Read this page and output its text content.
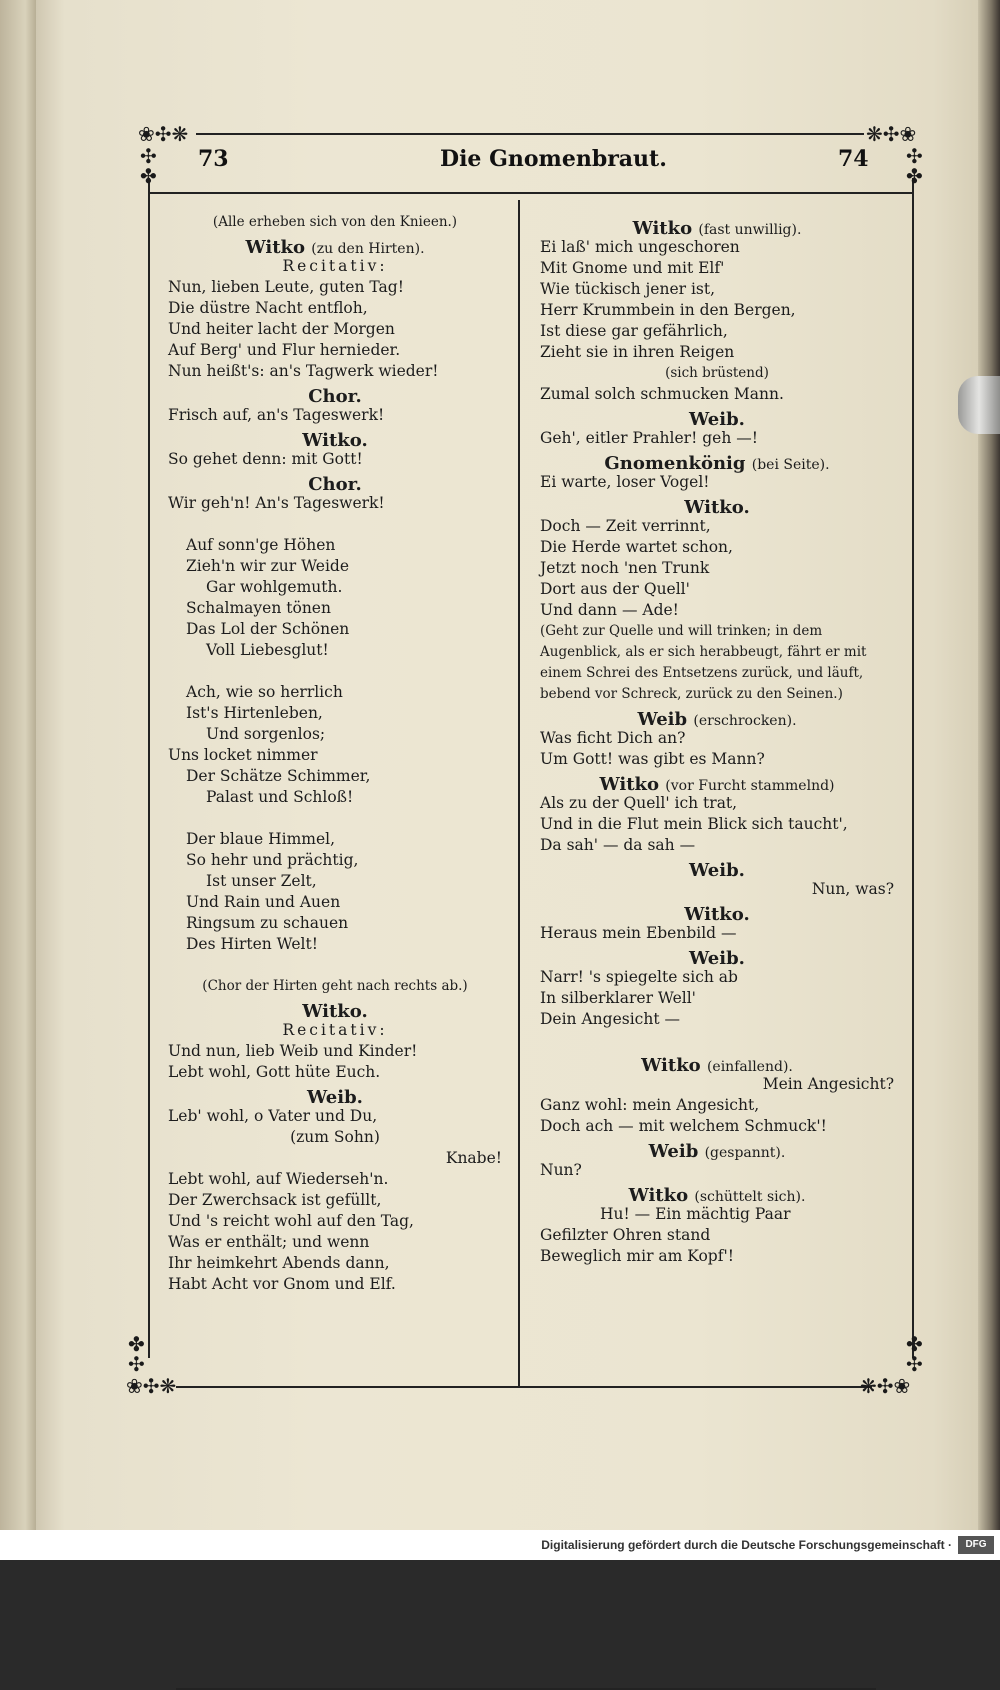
❀✣❋
✣
✤
❋✣❀
✣
✤
❀✣❋
✤
✣
❋✣❀
✤
✣
73	Die Gnomenbraut.	74
(Alle erheben sich von den Knieen.)
Witko (zu den Hirten).
Recitativ:
Nun, lieben Leute, guten Tag!
Die düstre Nacht entfloh,
Und heiter lacht der Morgen
Auf Berg' und Flur hernieder.
Nun heißt's: an's Tagwerk wieder!
Chor.
Frisch auf, an's Tageswerk!
Witko.
So gehet denn: mit Gott!
Chor.
Wir geh'n! An's Tageswerk!
Auf sonn'ge Höhen
Zieh'n wir zur Weide
Gar wohlgemuth.
Schalmayen tönen
Das Lol der Schönen
Voll Liebesglut!
Ach, wie so herrlich
Ist's Hirtenleben,
Und sorgenlos;
Uns locket nimmer
Der Schätze Schimmer,
Palast und Schloß!
Der blaue Himmel,
So hehr und prächtig,
Ist unser Zelt,
Und Rain und Auen
Ringsum zu schauen
Des Hirten Welt!
(Chor der Hirten geht nach rechts ab.)
Witko.
Recitativ:
Und nun, lieb Weib und Kinder!
Lebt wohl, Gott hüte Euch.
Weib.
Leb' wohl, o Vater und Du,
(zum Sohn)
Knabe!
Lebt wohl, auf Wiederseh'n.
Der Zwerchsack ist gefüllt,
Und 's reicht wohl auf den Tag,
Was er enthält; und wenn
Ihr heimkehrt Abends dann,
Habt Acht vor Gnom und Elf.
Witko (fast unwillig).
Ei laß' mich ungeschoren
Mit Gnome und mit Elf'
Wie tückisch jener ist,
Herr Krummbein in den Bergen,
Ist diese gar gefährlich,
Zieht sie in ihren Reigen
(sich brüstend)
Zumal solch schmucken Mann.
Weib.
Geh', eitler Prahler! geh —!
Gnomenkönig (bei Seite).
Ei warte, loser Vogel!
Witko.
Doch — Zeit verrinnt,
Die Herde wartet schon,
Jetzt noch 'nen Trunk
Dort aus der Quell'
Und dann — Ade!
(Geht zur Quelle und will trinken; in dem
Augenblick, als er sich herabbeugt, fährt er mit
einem Schrei des Entsetzens zurück, und läuft,
bebend vor Schreck, zurück zu den Seinen.)
Weib (erschrocken).
Was ficht Dich an?
Um Gott! was gibt es Mann?
Witko (vor Furcht stammelnd)
Als zu der Quell' ich trat,
Und in die Flut mein Blick sich taucht',
Da sah' — da sah —
Weib.
Nun, was?
Witko.
Heraus mein Ebenbild —
Weib.
Narr! 's spiegelte sich ab
In silberklarer Well'
Dein Angesicht —
Witko (einfallend).
Mein Angesicht?
Ganz wohl: mein Angesicht,
Doch ach — mit welchem Schmuck'!
Weib (gespannt).
Nun?
Witko (schüttelt sich).
Hu! — Ein mächtig Paar
Gefilzter Ohren stand
Beweglich mir am Kopf'!
Digitalisierung gefördert durch die Deutsche Forschungsgemeinschaft ·	DFG
